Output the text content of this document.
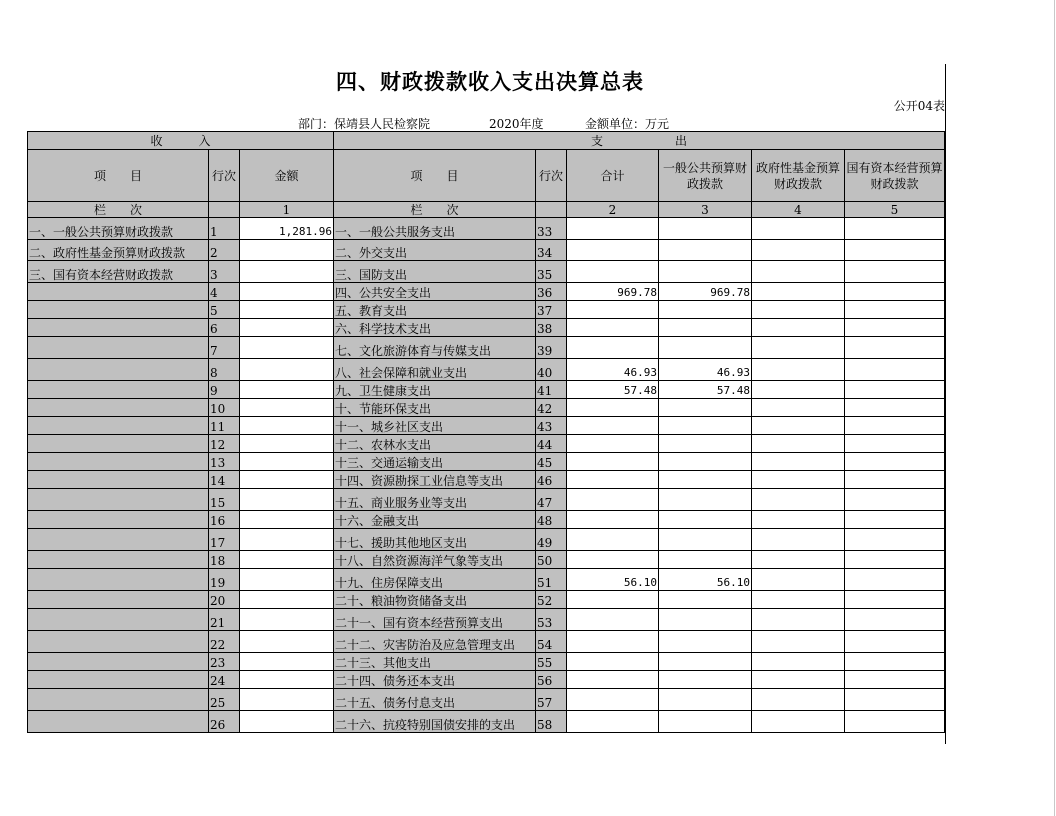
四、财政拨款收入支出决算总表
公开04表
部门：保靖县人民检察院	2020年度	金额单位：万元
收　　　入			支　　　　　　出					
项　　目	行次	金额	项　　目	行次	合计	一般公共预算财政拨款	政府性基金预算财政拨款	国有资本经营预算财政拨款
栏　　次		1	栏　　次		2	3	4	5
一、一般公共预算财政拨款	1	1,281.96	一、一般公共服务支出	33				
二、政府性基金预算财政拨款	2		二、外交支出	34				
三、国有资本经营财政拨款	3		三、国防支出	35				
	4		四、公共安全支出	36	969.78	969.78		
	5		五、教育支出	37				
	6		六、科学技术支出	38				
	7		七、文化旅游体育与传媒支出	39				
	8		八、社会保障和就业支出	40	46.93	46.93		
	9		九、卫生健康支出	41	57.48	57.48		
	10		十、节能环保支出	42				
	11		十一、城乡社区支出	43				
	12		十二、农林水支出	44				
	13		十三、交通运输支出	45				
	14		十四、资源勘探工业信息等支出	46				
	15		十五、商业服务业等支出	47				
	16		十六、金融支出	48				
	17		十七、援助其他地区支出	49				
	18		十八、自然资源海洋气象等支出	50				
	19		十九、住房保障支出	51	56.10	56.10		
	20		二十、粮油物资储备支出	52				
	21		二十一、国有资本经营预算支出	53				
	22		二十二、灾害防治及应急管理支出	54				
	23		二十三、其他支出	55				
	24		二十四、债务还本支出	56				
	25		二十五、债务付息支出	57				
	26		二十六、抗疫特别国债安排的支出	58				
